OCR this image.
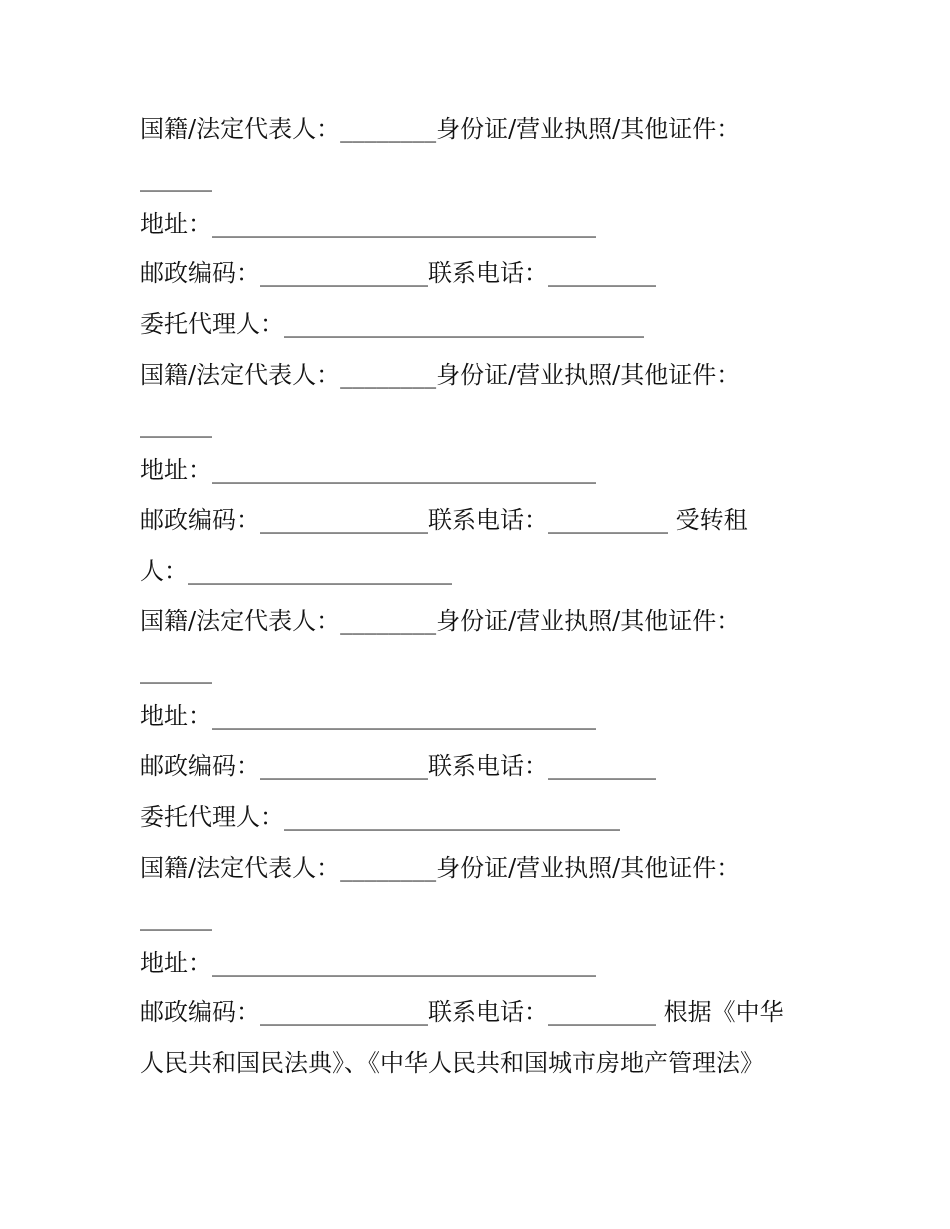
国籍/法定代表人：________身份证/营业执照/其他证件：
______
地址：________________________________
邮政编码：______________联系电话：_________
委托代理人：______________________________
国籍/法定代表人：________身份证/营业执照/其他证件：
______
地址：________________________________
邮政编码：______________联系电话：__________ 受转租
人：______________________
国籍/法定代表人：________身份证/营业执照/其他证件：
______
地址：________________________________
邮政编码：______________联系电话：_________
委托代理人：____________________________
国籍/法定代表人：________身份证/营业执照/其他证件：
______
地址：________________________________
邮政编码：______________联系电话：_________ 根据《中华
人民共和国民法典》、《中华人民共和国城市房地产管理法》
